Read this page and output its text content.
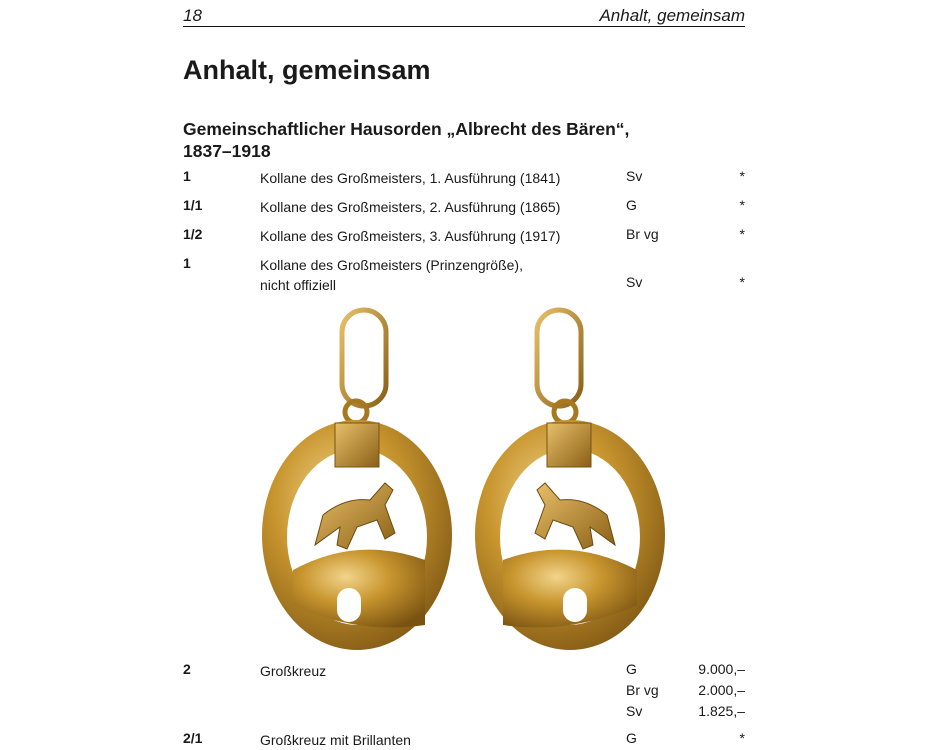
18	Anhalt, gemeinsam
Anhalt, gemeinsam
Gemeinschaftlicher Hausorden „Albrecht des Bären“,
1837–1918
1	Kollane des Großmeisters, 1. Ausführung (1841)	Sv	*
1/1	Kollane des Großmeisters, 2. Ausführung (1865)	G	*
1/2	Kollane des Großmeisters, 3. Ausführung (1917)	Br vg	*
1	Kollane des Großmeisters (Prinzengröße),
nicht offiziell	Sv	*
2	Großkreuz	G	9.000,–
Br vg	2.000,–
Sv	1.825,–
2/1	Großkreuz mit Brillanten	G	*
